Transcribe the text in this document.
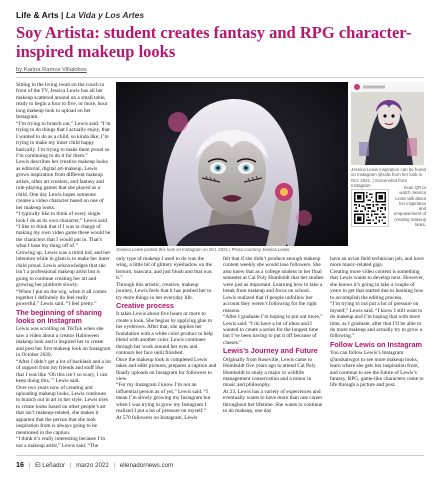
Life & Arts | La Vida y Los Artes
Soy Artista: student creates fantasy and RPG character-inspired makeup looks
by Karina Ramos Villalobos

Sitting in the living room on the couch in front of the TV, Jessica Lewis has all her makeup scattered around on a small table, ready to begin a four to five, or more, hour long makeup look to upload on her Instagram.

“I’m trying to branch out,” Lewis said. “I’m trying to do things that I actually enjoy, that I wanted to do as a child, so kinda like, I’m trying to make my inner child happy basically. I’m trying to make them proud so I’m continuing to do it for them.”

Lewis describes her creative makeup looks as editorial, digital art-makeup. Lewis grows inspiration from different makeup artists, other art creators, and fantasy and role-playing games that she played as a child. One day Lewis hopes someone creates a video character based on one of her makeup looks.

“I typically like to think of every single look I do as its own character,” Lewis said. “I like to think that if I was in charge of making my own video game these would be the characters that I would put in. That’s what I base my thing off of.”

Growing up, Lewis was a timid kid, and her intention while in glam is to make her inner child proud. Lewis acknowledges that she isn’t a professional makeup artist but is going to continue creating her art and growing her platform slowly.

“When I put on the wig, when it all comes together I definitely do feel really powerful,” Lewis said. “I feel pretty.”

The beginning of sharing looks on Instagram

Lewis was scrolling on TikTok when she saw a video about a creator Halloween makeup look and it inspired her to create and post her first makeup look on Instagram in October 2020.

“After I didn’t get a lot of backlash and a lot of support from my friends and stuff like that I was like ‘Oh this isn’t so scary, I can keep doing this,’” Lewis said.

Over two years now of creating and uploading makeup looks, Lewis continues to branch out in art in her style. Lewis tries to create looks based on other people’s art that isn’t makeup-related, she makes it apparent that the person that she took inspiration from is always going to be mentioned in the caption.

“I think it’s really interesting because I’m not a makeup artist,” Lewis said. “The

Jessica Lewis posted this look on Instagram on Oct. 2021 | Photo courtesy Jessica Lewis
Jessica Lewis inspiration can be found on Instagram @sofa from her look in Oct. 2021. | Screenshot from Instagram	Scan QR to watch Jessica Lewis talk about her inspiration and empowerment of creating makeup looks.

only type of makeup I used to do was the wing, a little bit of glittery eyeshadow on the bottom, mascara, and just blush and that was it.”

Through this artistic, creative, makeup journey, Lewis feels that it has pushed her to try more things in her everyday life.

Creative process

It takes Lewis about five hours or more to create a look. She begins by applying glue to her eyebrows. After that, she applies her foundation with a white color product to help blend with another color. Lewis continues through her work around her eyes and contours her face until finished.

Once the makeup look is completed Lewis takes and edits pictures, prepares a caption and finally uploads on Instagram for followers to view.

“For my Instagram I know I’m not an influential person as of yet,” Lewis said. “I mean I’m slowly growing my Instagram but when I was trying to grow my Instagram I realized I put a lot of pressure on myself.”

At 570 followers on Instagram, Lewis

felt that if she didn’t produce enough makeup content weekly she would lose followers. She also knew that as a college student in her final semester at Cal Poly Humboldt that her studies were just as important. Learning how to take a break from makeup and focus on school.

Lewis realized that if people unfollow her account they weren’t following for the right reasons.

“After I graduate I’m hoping to put out more,” Lewis said. “I do have a lot of ideas and I wanted to create a series for the longest time but I’ve been having to put it off because of classes.”

Lewis’s Journey and Future

Originally from Roseville, Lewis came to Humboldt five years ago to attend Cal Poly Humboldt to study a major in wildlife management conservation and a minor in music and philosophy.

At 23, Lewis has a variety of experiences and eventually wants to have more than one career throughout her lifetime. She wants to continue to do makeup, one day

have an avian field technician job, and have more music-related gigs.

Creating more video content is something that Lewis wants to develop next. However, she knows it’s going to take a couple of years to get that started due to learning how to accomplish the editing process.

“I’m trying to not put a lot of pressure on myself,” Lewis said. “I know I still want to do makeup and I’m hoping that with more time, as I graduate, after that I’ll be able to do more makeup and actually try to grow a following.”

Follow Lewis on Instagram

You can follow Lewis’s Instagram @andsatwgor to see more makeup looks, learn where she gets her inspiration from, and continue to see the future of Lewis’s fantasy, RPG, game-like characters come to life through a picture and post.

16 | El Leñador | marzo 2022 | ellenadornews.com
